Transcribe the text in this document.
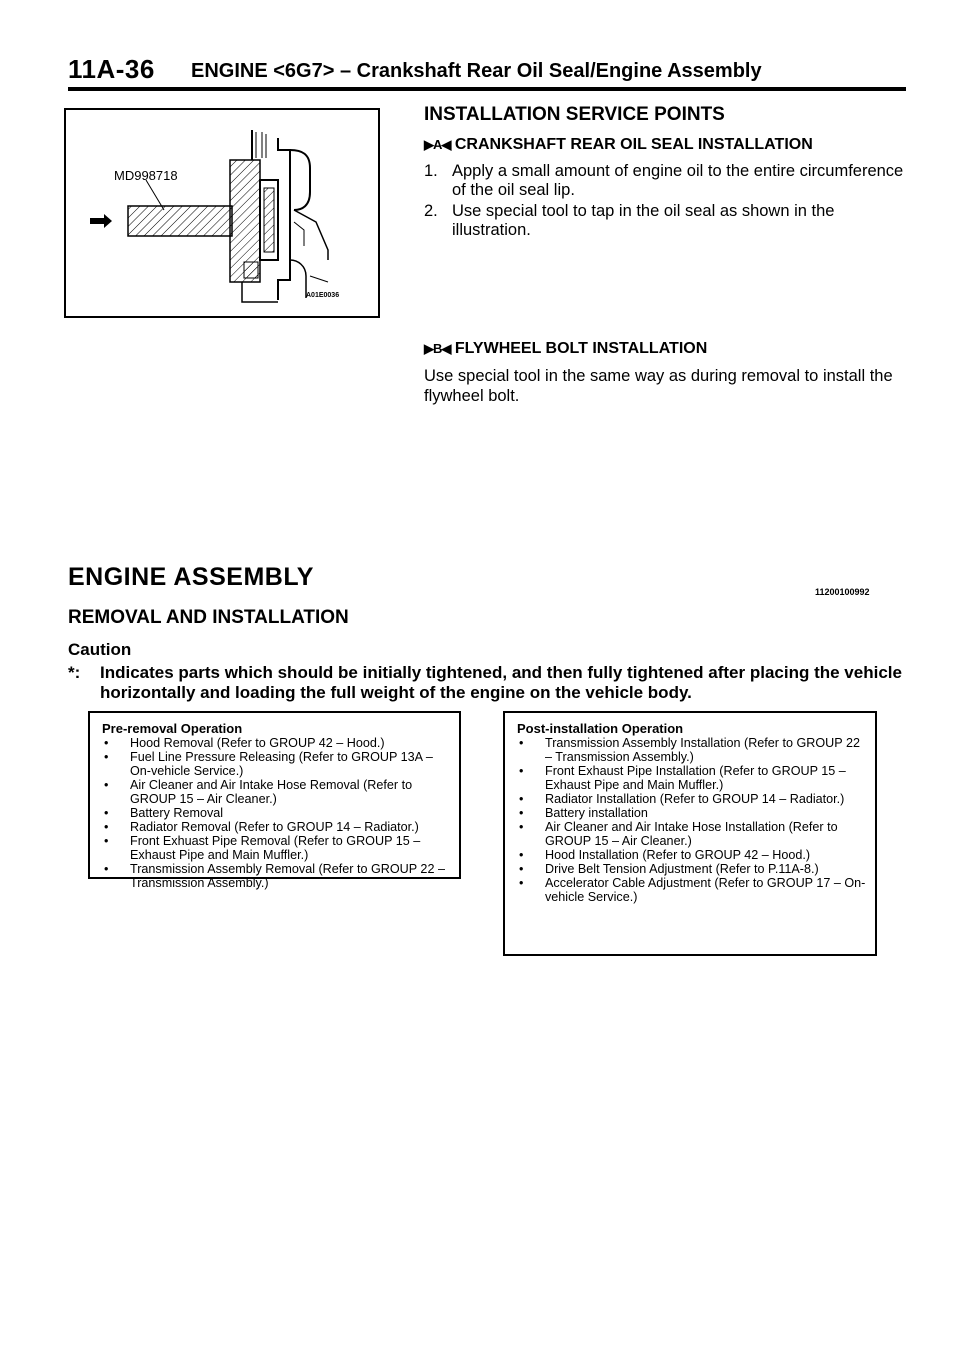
11A-36 ENGINE <6G7> – Crankshaft Rear Oil Seal/Engine Assembly
MD998718
A01E0036
INSTALLATION SERVICE POINTS
▶A◀ CRANKSHAFT REAR OIL SEAL INSTALLATION
1. Apply a small amount of engine oil to the entire circumference of the oil seal lip.
2. Use special tool to tap in the oil seal as shown in the illustration.
▶B◀ FLYWHEEL BOLT INSTALLATION
Use special tool in the same way as during removal to install the flywheel bolt.
ENGINE ASSEMBLY
11200100992
REMOVAL AND INSTALLATION
Caution
*:	Indicates parts which should be initially tightened, and then fully tightened after placing the vehicle horizontally and loading the full weight of the engine on the vehicle body.
Pre-removal Operation
• Hood Removal (Refer to GROUP 42 – Hood.)
• Fuel Line Pressure Releasing (Refer to GROUP 13A – On-vehicle Service.)
• Air Cleaner and Air Intake Hose Removal (Refer to GROUP 15 – Air Cleaner.)
• Battery Removal
• Radiator Removal (Refer to GROUP 14 – Radiator.)
• Front Exhuast Pipe Removal (Refer to GROUP 15 – Exhaust Pipe and Main Muffler.)
• Transmission Assembly Removal (Refer to GROUP 22 – Transmission Assembly.)
Post-installation Operation
• Transmission Assembly Installation (Refer to GROUP 22 – Transmission Assembly.)
• Front Exhaust Pipe Installation (Refer to GROUP 15 – Exhaust Pipe and Main Muffler.)
• Radiator Installation (Refer to GROUP 14 – Radiator.)
• Battery installation
• Air Cleaner and Air Intake Hose Installation (Refer to GROUP 15 – Air Cleaner.)
• Hood Installation (Refer to GROUP 42 – Hood.)
• Drive Belt Tension Adjustment (Refer to P.11A-8.)
• Accelerator Cable Adjustment (Refer to GROUP 17 – On-vehicle Service.)
